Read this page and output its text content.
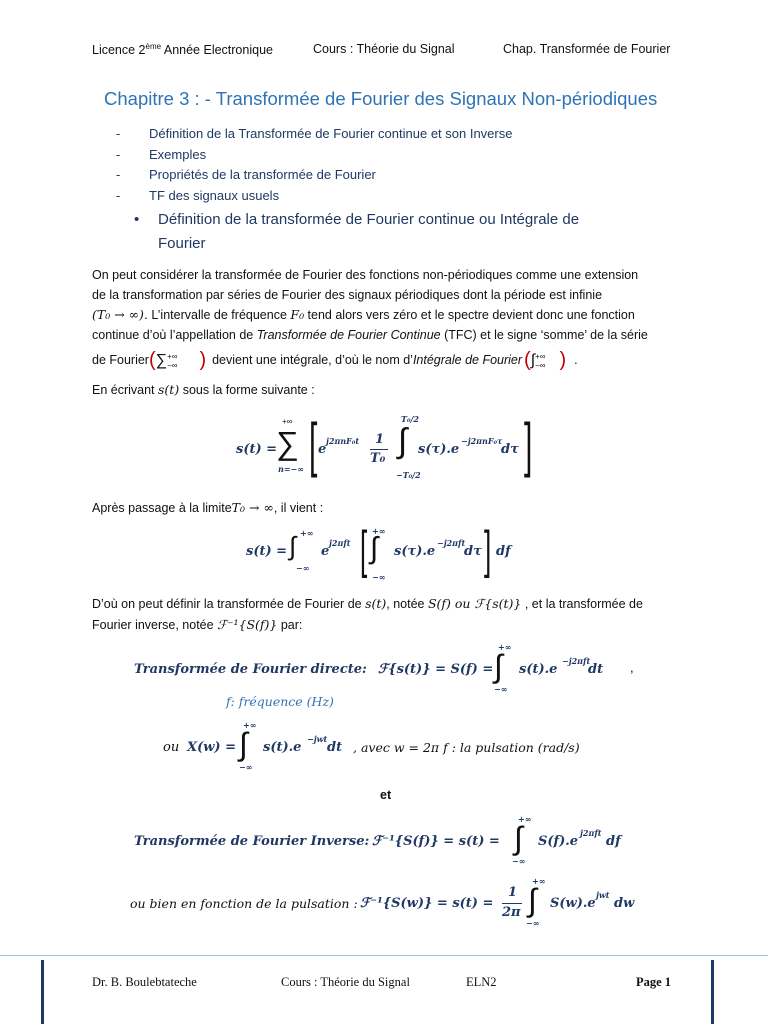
Licence 2ème Année Electronique	Cours : Théorie du Signal	Chap. Transformée de Fourier
Chapitre 3 : - Transformée de Fourier des Signaux Non-périodiques
-	Définition de la Transformée de Fourier continue et son Inverse
-	Exemples
-	Propriétés de la transformée de Fourier
-	TF des signaux usuels
• Définition de la transformée de Fourier continue ou Intégrale de
Fourier
On peut considérer la transformée de Fourier des fonctions non-périodiques comme une extension
de la transformation par séries de Fourier des signaux périodiques dont la période est infinie
(T₀ → ∞). L’intervalle de fréquence F₀ tend alors vers zéro et le spectre devient donc une fonction
continue d’où l’appellation de Transformée de Fourier Continue (TFC) et le signe ‘somme’ de la série
de Fourier ( ∑ +∞
−∞ ) devient une intégrale, d’où le nom d’ Intégrale de Fourier ( ∫ +∞
−∞ ) .
En écrivant s(t) sous la forme suivante :
s(t) =
+∞
∑
n=−∞ [ e
j2πnF₀t 1
T₀
T₀/2
∫
−T₀/2
s(τ).e
−j2πnF₀τ
dτ ]
Après passage à la limiteT₀ → ∞, il vient :
s(t) = ∫ +∞
−∞
e
j2πft [ +∞
∫
−∞
s(τ).e
−j2πft
dτ ] df
D’où on peut définir la transformée de Fourier de s(t), notée S(f) ou ℱ{s(t)} , et la transformée de
Fourier inverse, notée ℱ⁻¹{S(f)} par:
Transformée de Fourier directe: ℱ{s(t)} = S(f) =
+∞
∫
−∞
s(t).e
−j2πft
dt ,
f: fréquence (Hz)
ou X(w) =
+∞
∫
−∞
s(t).e
−jwt
dt , avec w = 2π f : la pulsation (rad/s)
et
Transformée de Fourier Inverse: ℱ⁻¹{S(f)} = s(t) =
+∞
∫
−∞
S(f).e
j2πft
df
ou bien en fonction de la pulsation : ℱ⁻¹{S(w)} = s(t) =
1
2π
+∞
∫
−∞
S(w).e
jwt
dw
Dr. B. Boulebtateche	Cours : Théorie du Signal	ELN2	Page 1
